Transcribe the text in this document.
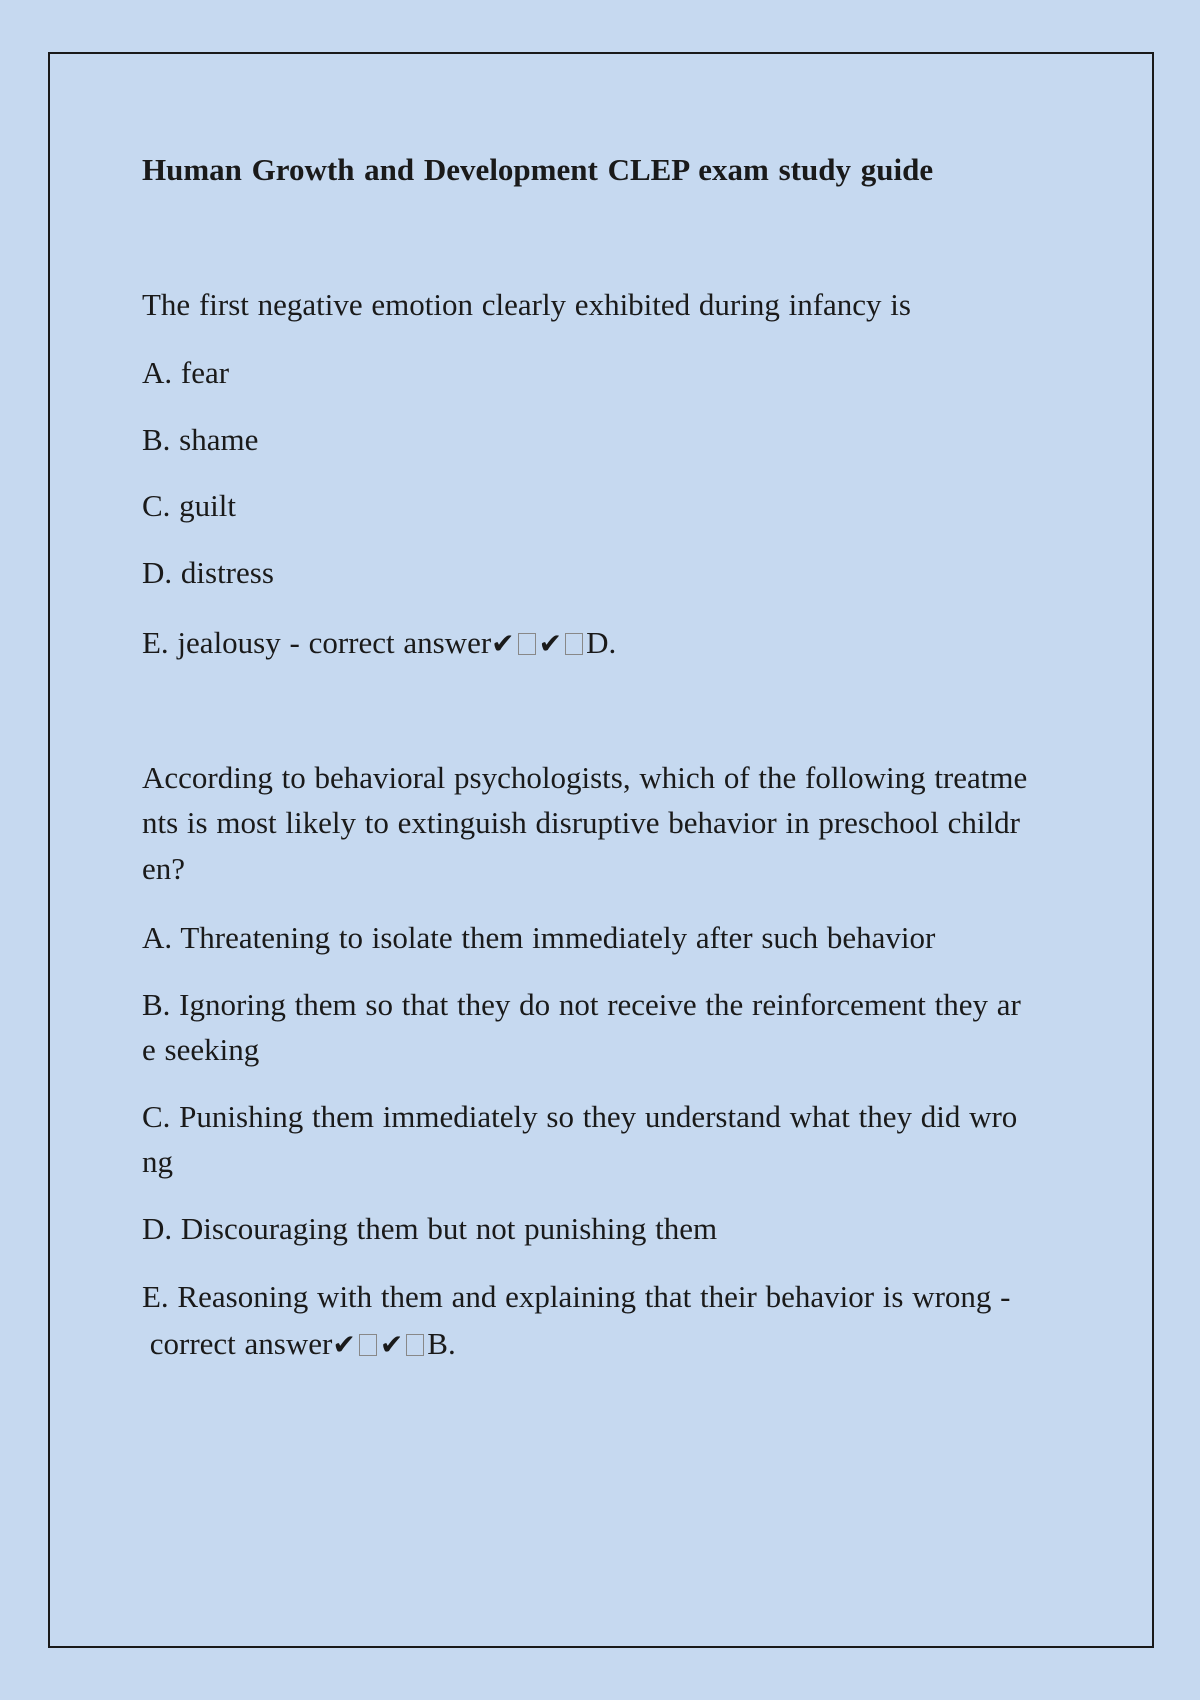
Human Growth and Development CLEP exam study guide
The first negative emotion clearly exhibited during infancy is
A. fear
B. shame
C. guilt
D. distress
E. jealousy - correct answer✔ ✔ D.
According to behavioral psychologists, which of the following treatme
nts is most likely to extinguish disruptive behavior in preschool childr
en?
A. Threatening to isolate them immediately after such behavior
B. Ignoring them so that they do not receive the reinforcement they ar
e seeking
C. Punishing them immediately so they understand what they did wro
ng
D. Discouraging them but not punishing them
E. Reasoning with them and explaining that their behavior is wrong -
correct answer✔ ✔ B.
